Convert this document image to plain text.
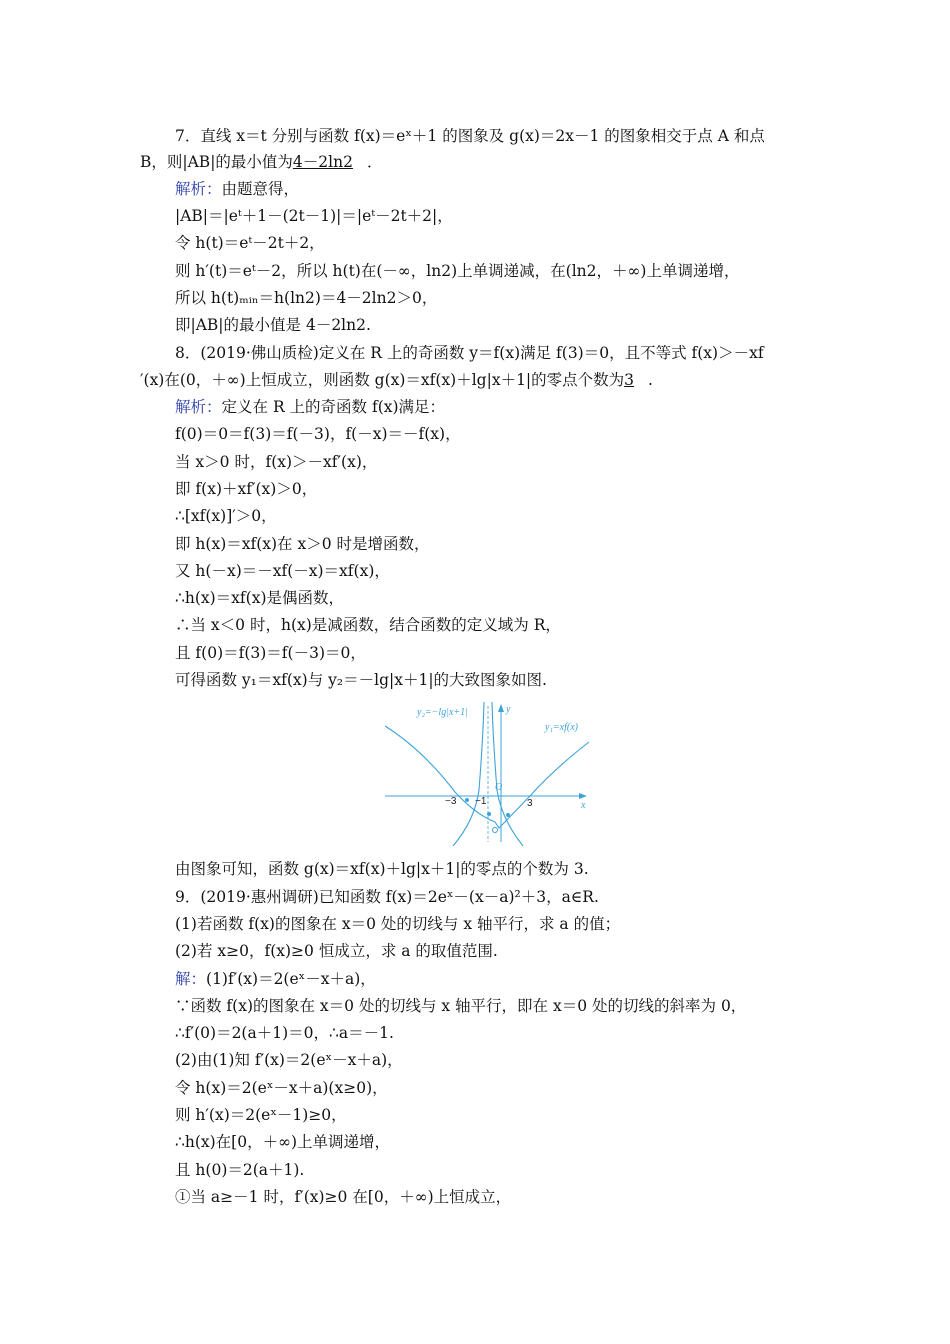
7．直线 x＝t 分别与函数 f(x)＝eˣ＋1 的图象及 g(x)＝2x－1 的图象相交于点 A 和点
B，则|AB|的最小值为4－2ln2 ．
解析：由题意得，
|AB|＝|eᵗ＋1－(2t－1)|＝|eᵗ－2t＋2|，
令 h(t)＝eᵗ－2t＋2，
则 h′(t)＝eᵗ－2，所以 h(t)在(－∞，ln2)上单调递减，在(ln2，＋∞)上单调递增，
所以 h(t)ₘᵢₙ＝h(ln2)＝4－2ln2＞0，
即|AB|的最小值是 4－2ln2.
8．(2019·佛山质检)定义在 R 上的奇函数 y＝f(x)满足 f(3)＝0，且不等式 f(x)＞－xf
′(x)在(0，＋∞)上恒成立，则函数 g(x)＝xf(x)＋lg|x＋1|的零点个数为3 .
解析：定义在 R 上的奇函数 f(x)满足：
f(0)＝0＝f(3)＝f(－3)，f(－x)＝－f(x)，
当 x＞0 时，f(x)＞－xf′(x)，
即 f(x)＋xf′(x)＞0，
∴[xf(x)]′＞0，
即 h(x)＝xf(x)在 x＞0 时是增函数，
又 h(－x)＝－xf(－x)＝xf(x)，
∴h(x)＝xf(x)是偶函数，
∴当 x＜0 时，h(x)是减函数，结合函数的定义域为 R，
且 f(0)＝f(3)＝f(－3)＝0，
可得函数 y₁＝xf(x)与 y₂＝－lg|x＋1|的大致图象如图.
由图象可知，函数 g(x)＝xf(x)＋lg|x＋1|的零点的个数为 3.
9．(2019·惠州调研)已知函数 f(x)＝2eˣ－(x－a)²＋3，a∈R.
(1)若函数 f(x)的图象在 x＝0 处的切线与 x 轴平行，求 a 的值；
(2)若 x≥0，f(x)≥0 恒成立，求 a 的取值范围.
解：(1)f′(x)＝2(eˣ－x＋a)，
∵函数 f(x)的图象在 x＝0 处的切线与 x 轴平行，即在 x＝0 处的切线的斜率为 0，
∴f′(0)＝2(a＋1)＝0，∴a＝－1.
(2)由(1)知 f′(x)＝2(eˣ－x＋a)，
令 h(x)＝2(eˣ－x＋a)(x≥0)，
则 h′(x)＝2(eˣ－1)≥0，
∴h(x)在[0，＋∞)上单调递增，
且 h(0)＝2(a＋1).
①当 a≥－1 时，f′(x)≥0 在[0，＋∞)上恒成立，
y₂=−lg|x+1|
y₁=xf(x)
y
x
O
−3 −1	3
